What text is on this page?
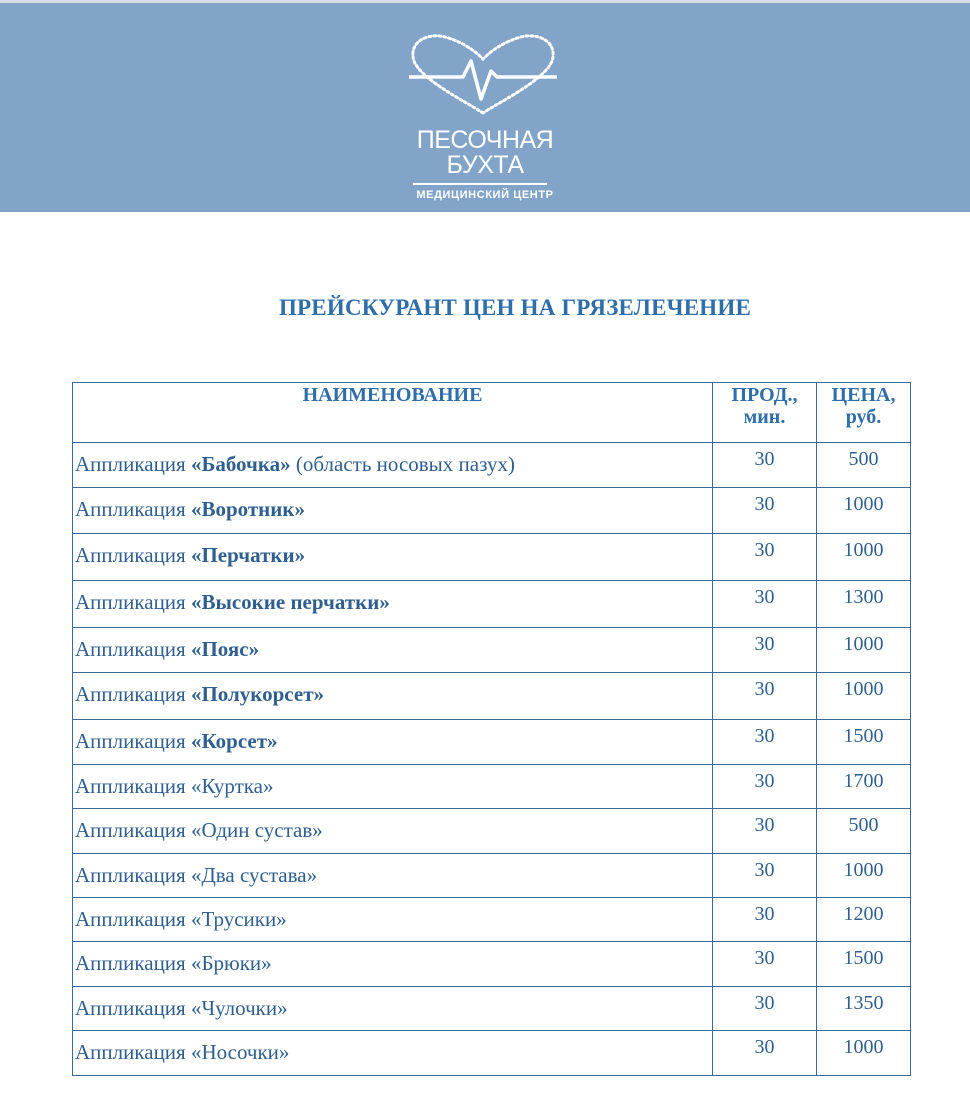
ПЕСОЧНАЯ
БУХТА
МЕДИЦИНСКИЙ ЦЕНТР
ПРЕЙСКУРАНТ ЦЕН НА ГРЯЗЕЛЕЧЕНИЕ
НАИМЕНОВАНИЕ	ПРОД., мин.	ЦЕНА, руб.
Аппликация «Бабочка» (область носовых пазух)	30	500
Аппликация «Воротник»	30	1000
Аппликация «Перчатки»	30	1000
Аппликация «Высокие перчатки»	30	1300
Аппликация «Пояс»	30	1000
Аппликация «Полукорсет»	30	1000
Аппликация «Корсет»	30	1500
Аппликация «Куртка»	30	1700
Аппликация «Один сустав»	30	500
Аппликация «Два сустава»	30	1000
Аппликация «Трусики»	30	1200
Аппликация «Брюки»	30	1500
Аппликация «Чулочки»	30	1350
Аппликация «Носочки»	30	1000
